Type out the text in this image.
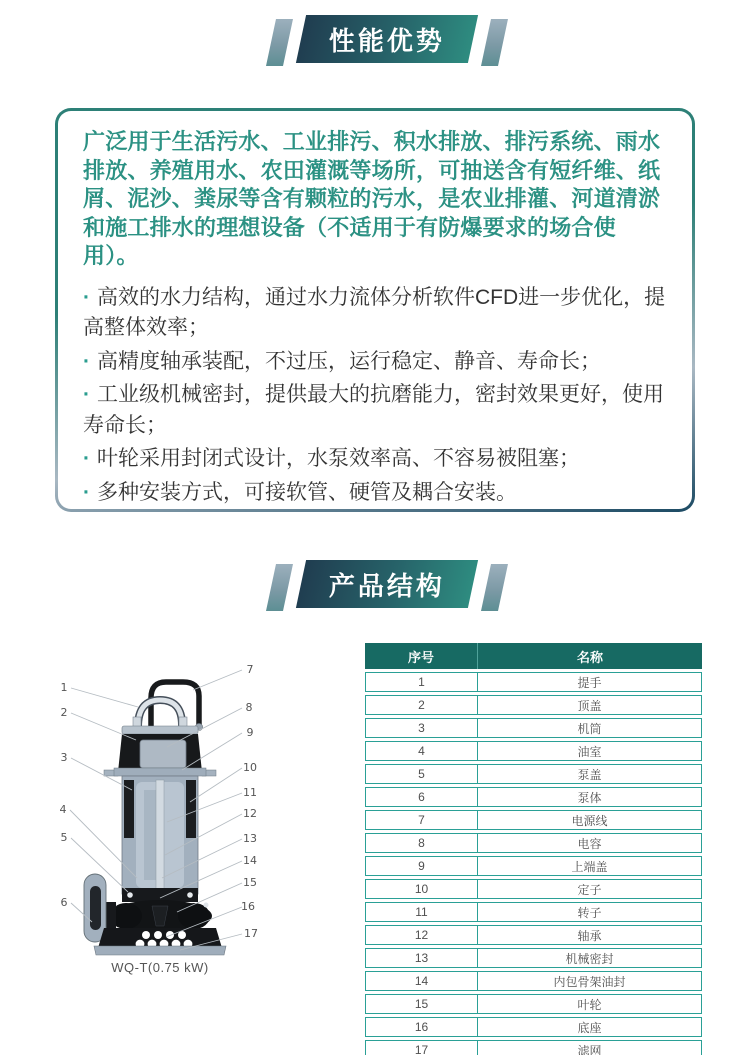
性能优势

广泛用于生活污水、工业排污、积水排放、排污系统、雨水排放、养殖用水、农田灌溉等场所，可抽送含有短纤维、纸屑、泥沙、粪尿等含有颗粒的污水，是农业排灌、河道清淤和施工排水的理想设备（不适用于有防爆要求的场合使用）。

· 高效的水力结构，通过水力流体分析软件CFD进一步优化，提高整体效率；

· 高精度轴承装配，不过压，运行稳定、静音、寿命长；

· 工业级机械密封，提供最大的抗磨能力，密封效果更好，使用寿命长；

· 叶轮采用封闭式设计，水泵效率高、不容易被阻塞；

· 多种安装方式，可接软管、硬管及耦合安装。

产品结构
1
2
3
4
5
6
7
8
9
10
11
12
13
14
15
16
17
WQ-T(0.75 kW)
序号	名称
1	提手
2	顶盖
3	机筒
4	油室
5	泵盖
6	泵体
7	电源线
8	电容
9	上端盖
10	定子
11	转子
12	轴承
13	机械密封
14	内包骨架油封
15	叶轮
16	底座
17	滤网
